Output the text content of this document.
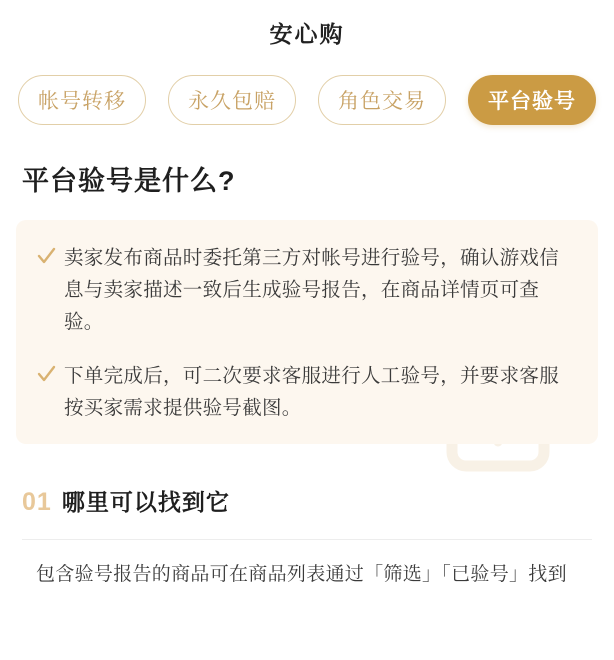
安心购
帐号转移	永久包赔	角色交易	平台验号
平台验号是什么?
卖家发布商品时委托第三方对帐号进行验号，确认游戏信息与卖家描述一致后生成验号报告，在商品详情页可查验。
下单完成后，可二次要求客服进行人工验号，并要求客服按买家需求提供验号截图。
01 哪里可以找到它
包含验号报告的商品可在商品列表通过「筛选」「已验号」找到
